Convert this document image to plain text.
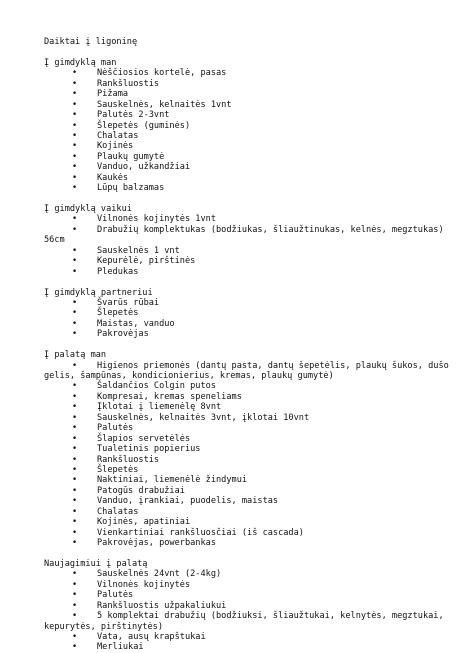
Daiktai į ligoninę
Į gimdyklą man
• Nėščiosios kortelė, pasas
• Rankšluostis
• Pižama
• Sauskelnės, kelnaitės 1vnt
• Palutės 2-3vnt
• Šlepetės (guminės)
• Chalatas
• Kojinės
• Plaukų gumytė
• Vanduo, užkandžiai
• Kaukės
• Lūpų balzamas
Į gimdyklą vaikui
• Vilnonės kojinytės 1vnt
• Drabužių komplektukas (bodžiukas, šliaužtinukas, kelnės, megztukas)
56cm
• Sauskelnės 1 vnt
• Kepurėlė, pirštinės
• Pledukas
Į gimdyklą partneriui
• Švarūs rūbai
• Šlepetės
• Maistas, vanduo
• Pakrovėjas
Į palatą man
• Higienos priemonės (dantų pasta, dantų šepetėlis, plaukų šukos, dušo
gelis, šampūnas, kondicionierius, kremas, plaukų gumytė)
• Šaldančios Colgin putos
• Kompresai, kremas speneliams
• Įklotai į liemenėlę 8vnt
• Sauskelnės, kelnaitės 3vnt, įklotai 10vnt
• Palutės
• Šlapios servetėlės
• Tualetinis popierius
• Rankšluostis
• Šlepetės
• Naktiniai, liemenėlė žindymui
• Patogūs drabužiai
• Vanduo, įrankiai, puodelis, maistas
• Chalatas
• Kojinės, apatiniai
• Vienkartiniai rankšluosčiai (iš cascada)
• Pakrovėjas, powerbankas
Naujagimiui į palatą
• Sauskelnės 24vnt (2-4kg)
• Vilnonės kojinytės
• Palutės
• Rankšluostis užpakaliukui
• 5 komplektai drabužių (bodžiuksi, šliaužtukai, kelnytės, megztukai,
kepurytės, pirštinytės)
• Vata, ausų krapštukai
• Merliukai
